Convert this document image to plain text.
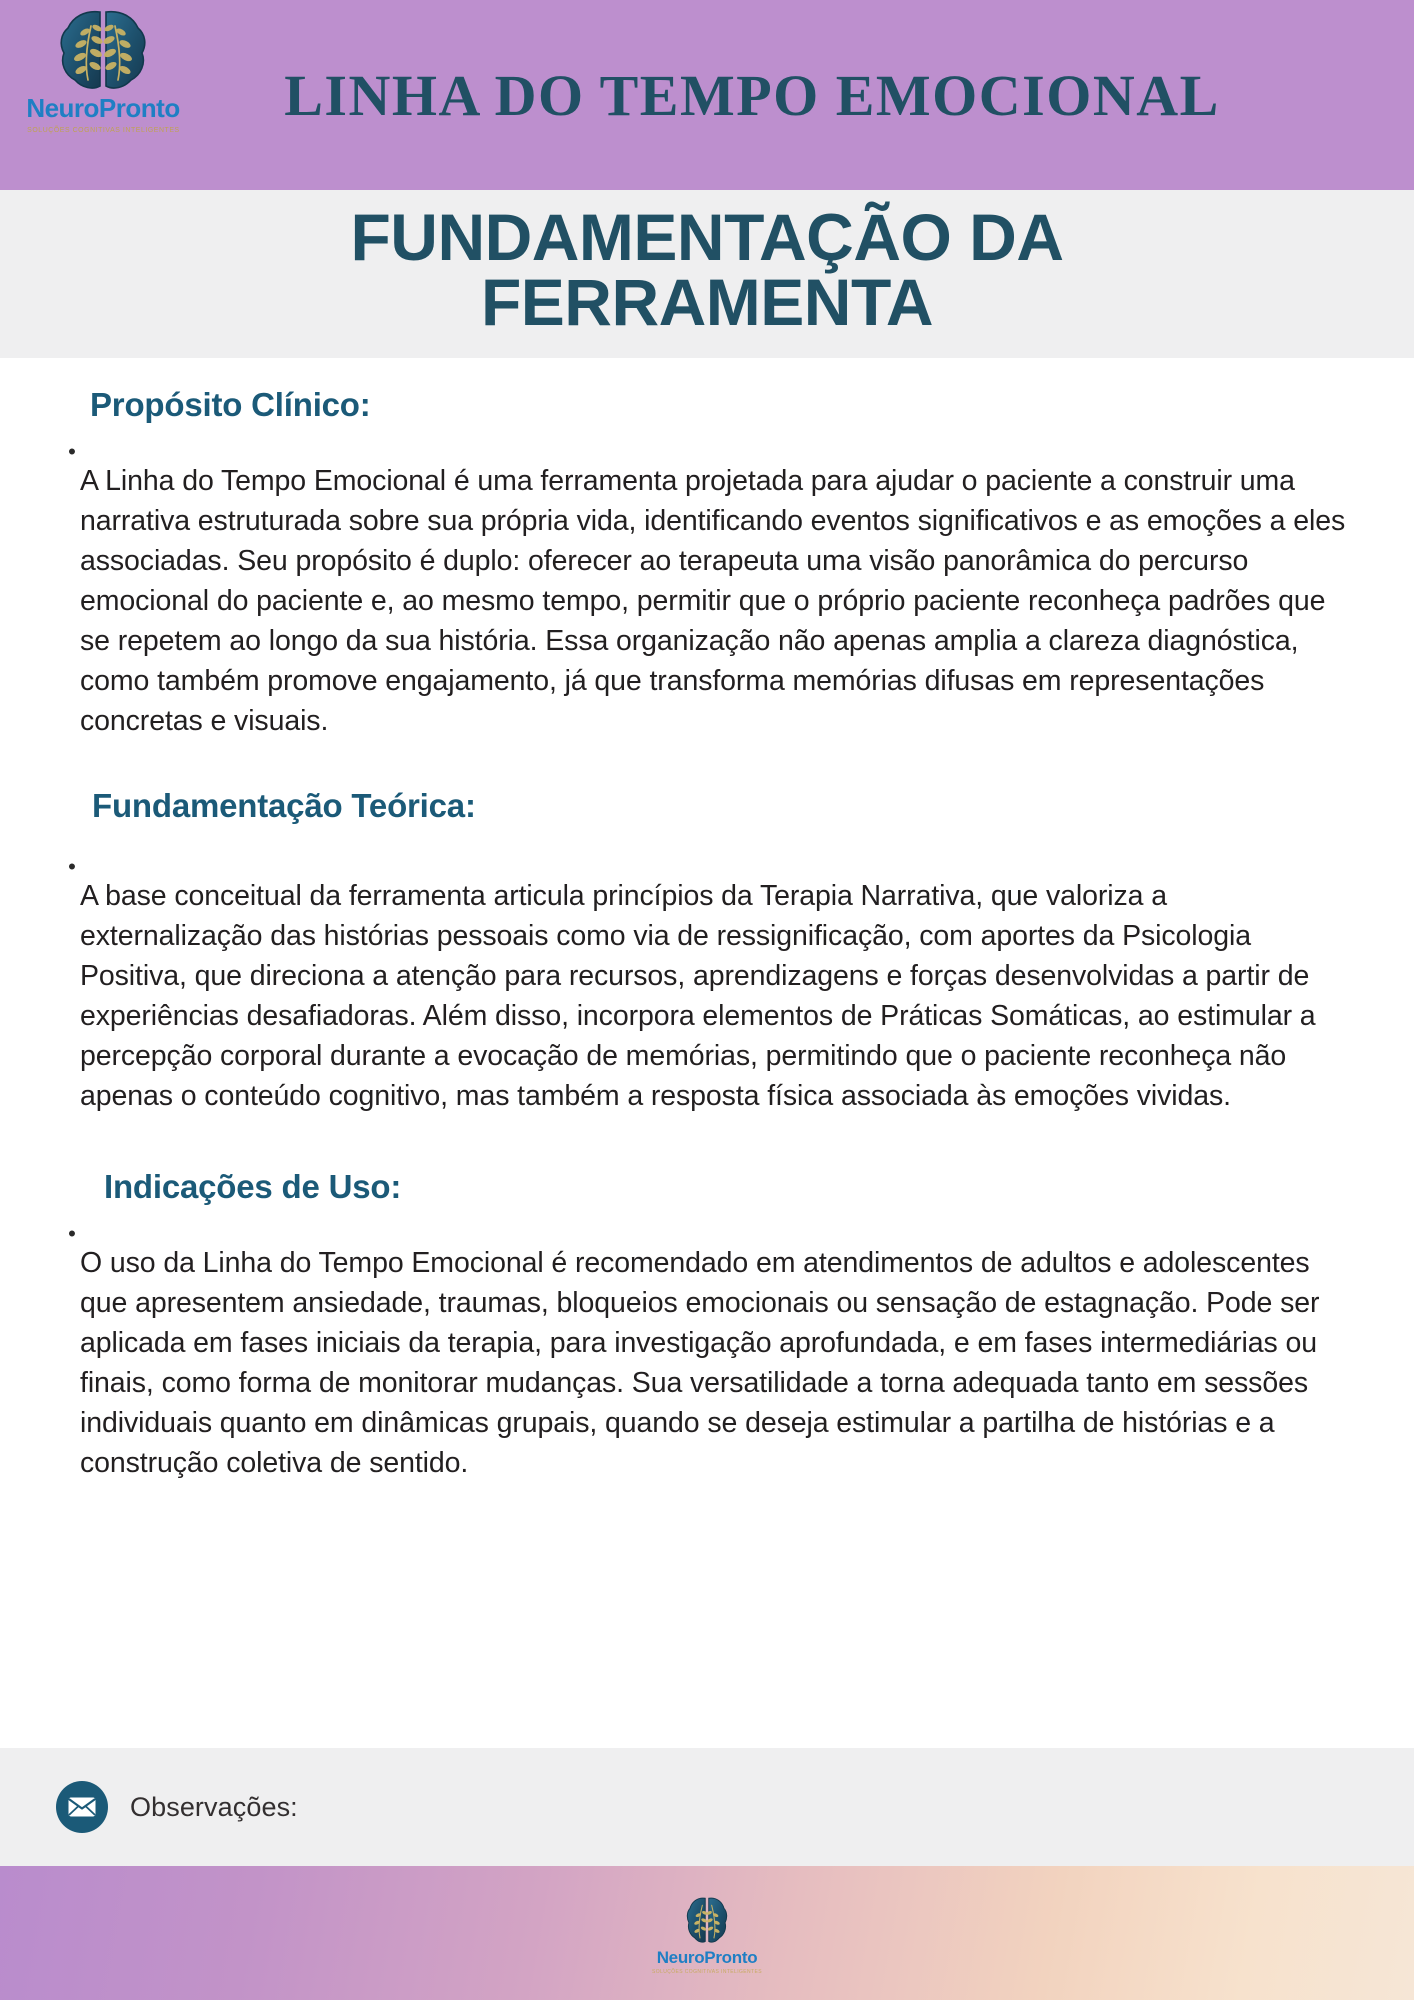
NeuroPronto
SOLUÇÕES COGNITIVAS INTELIGENTES
LINHA DO TEMPO EMOCIONAL
FUNDAMENTAÇÃO DA
FERRAMENTA
Propósito Clínico:
•

A Linha do Tempo Emocional é uma ferramenta projetada para ajudar o paciente a construir uma narrativa estruturada sobre sua própria vida, identificando eventos significativos e as emoções a eles associadas. Seu propósito é duplo: oferecer ao terapeuta uma visão panorâmica do percurso emocional do paciente e, ao mesmo tempo, permitir que o próprio paciente reconheça padrões que se repetem ao longo da sua história. Essa organização não apenas amplia a clareza diagnóstica, como também promove engajamento, já que transforma memórias difusas em representações concretas e visuais.

Fundamentação Teórica:
•

A base conceitual da ferramenta articula princípios da Terapia Narrativa, que valoriza a externalização das histórias pessoais como via de ressignificação, com aportes da Psicologia Positiva, que direciona a atenção para recursos, aprendizagens e forças desenvolvidas a partir de experiências desafiadoras. Além disso, incorpora elementos de Práticas Somáticas, ao estimular a percepção corporal durante a evocação de memórias, permitindo que o paciente reconheça não apenas o conteúdo cognitivo, mas também a resposta física associada às emoções vividas.

Indicações de Uso:
•

O uso da Linha do Tempo Emocional é recomendado em atendimentos de adultos e adolescentes que apresentem ansiedade, traumas, bloqueios emocionais ou sensação de estagnação. Pode ser aplicada em fases iniciais da terapia, para investigação aprofundada, e em fases intermediárias ou finais, como forma de monitorar mudanças. Sua versatilidade a torna adequada tanto em sessões individuais quanto em dinâmicas grupais, quando se deseja estimular a partilha de histórias e a construção coletiva de sentido.

Observações:
NeuroPronto
SOLUÇÕES COGNITIVAS INTELIGENTES
